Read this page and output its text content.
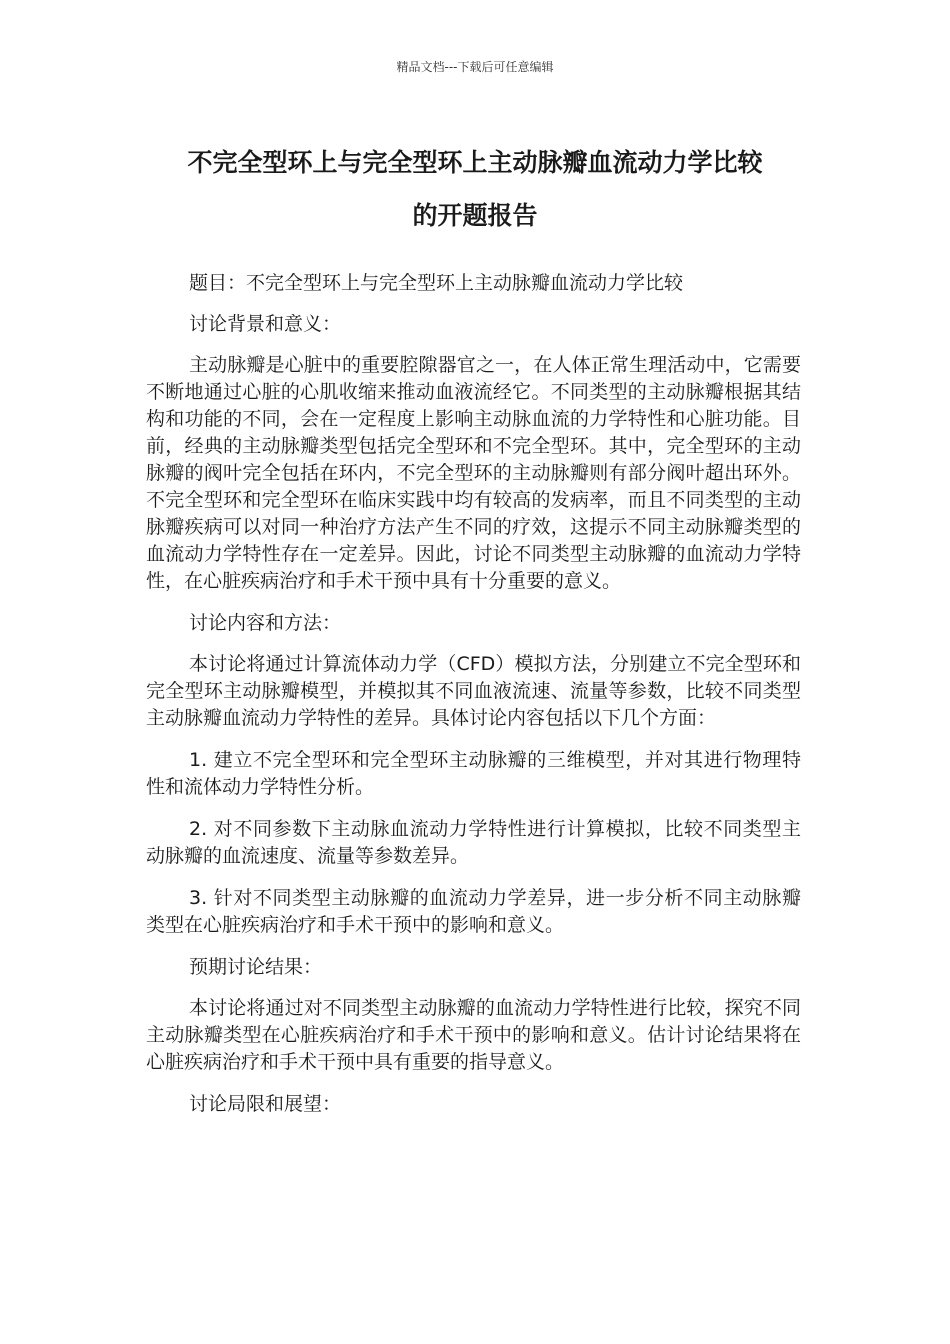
精品文档---下载后可任意编辑
不完全型环上与完全型环上主动脉瓣血流动力学比较
的开题报告

题目：不完全型环上与完全型环上主动脉瓣血流动力学比较

讨论背景和意义：

主动脉瓣是心脏中的重要腔隙器官之一，在人体正常生理活动中，它需要不断地通过心脏的心肌收缩来推动血液流经它。不同类型的主动脉瓣根据其结构和功能的不同，会在一定程度上影响主动脉血流的力学特性和心脏功能。目前，经典的主动脉瓣类型包括完全型环和不完全型环。其中，完全型环的主动脉瓣的阀叶完全包括在环内，不完全型环的主动脉瓣则有部分阀叶超出环外。不完全型环和完全型环在临床实践中均有较高的发病率，而且不同类型的主动脉瓣疾病可以对同一种治疗方法产生不同的疗效，这提示不同主动脉瓣类型的血流动力学特性存在一定差异。因此，讨论不同类型主动脉瓣的血流动力学特性，在心脏疾病治疗和手术干预中具有十分重要的意义。

讨论内容和方法：

本讨论将通过计算流体动力学（CFD）模拟方法，分别建立不完全型环和完全型环主动脉瓣模型，并模拟其不同血液流速、流量等参数，比较不同类型主动脉瓣血流动力学特性的差异。具体讨论内容包括以下几个方面：

1. 建立不完全型环和完全型环主动脉瓣的三维模型，并对其进行物理特性和流体动力学特性分析。

2. 对不同参数下主动脉血流动力学特性进行计算模拟，比较不同类型主动脉瓣的血流速度、流量等参数差异。

3. 针对不同类型主动脉瓣的血流动力学差异，进一步分析不同主动脉瓣类型在心脏疾病治疗和手术干预中的影响和意义。

预期讨论结果：

本讨论将通过对不同类型主动脉瓣的血流动力学特性进行比较，探究不同主动脉瓣类型在心脏疾病治疗和手术干预中的影响和意义。估计讨论结果将在心脏疾病治疗和手术干预中具有重要的指导意义。

讨论局限和展望：
